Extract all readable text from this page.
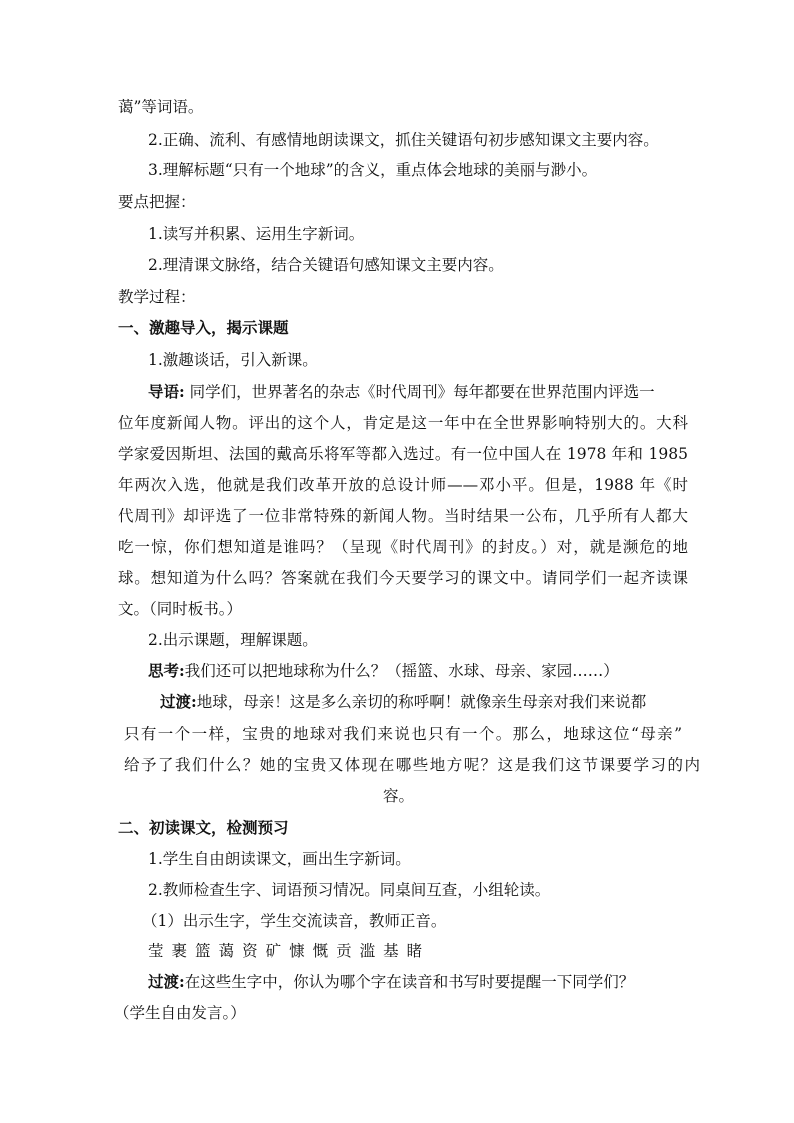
蔼”等词语。
2.正确、流利、有感情地朗读课文，抓住关键语句初步感知课文主要内容。
3.理解标题“只有一个地球”的含义，重点体会地球的美丽与渺小。
要点把握：
1.读写并积累、运用生字新词。
2.理清课文脉络，结合关键语句感知课文主要内容。
教学过程：
一、激趣导入，揭示课题
1.激趣谈话，引入新课。
导语: 同学们，世界著名的杂志《时代周刊》每年都要在世界范围内评选一
位年度新闻人物。评出的这个人，肯定是这一年中在全世界影响特别大的。大科
学家爱因斯坦、法国的戴高乐将军等都入选过。有一位中国人在 1978 年和 1985
年两次入选，他就是我们改革开放的总设计师——邓小平。但是，1988 年《时
代周刊》却评选了一位非常特殊的新闻人物。当时结果一公布，几乎所有人都大
吃一惊，你们想知道是谁吗？（呈现《时代周刊》的封皮。）对，就是濒危的地
球。想知道为什么吗？答案就在我们今天要学习的课文中。请同学们一起齐读课
文。（同时板书。）
2.出示课题，理解课题。
思考:我们还可以把地球称为什么？（摇篮、水球、母亲、家园……）
过渡:地球，母亲！这是多么亲切的称呼啊！就像亲生母亲对我们来说都
只有一个一样，宝贵的地球对我们来说也只有一个。那么，地球这位“母亲”
给予了我们什么？她的宝贵又体现在哪些地方呢？这是我们这节课要学习的内
容。
二、初读课文，检测预习
1.学生自由朗读课文，画出生字新词。
2.教师检查生字、词语预习情况。同桌间互查，小组轮读。
（1）出示生字，学生交流读音，教师正音。
莹 裹 篮 蔼 资 矿 慷 慨 贡 滥 基 睹
过渡:在这些生字中，你认为哪个字在读音和书写时要提醒一下同学们？
（学生自由发言。）
